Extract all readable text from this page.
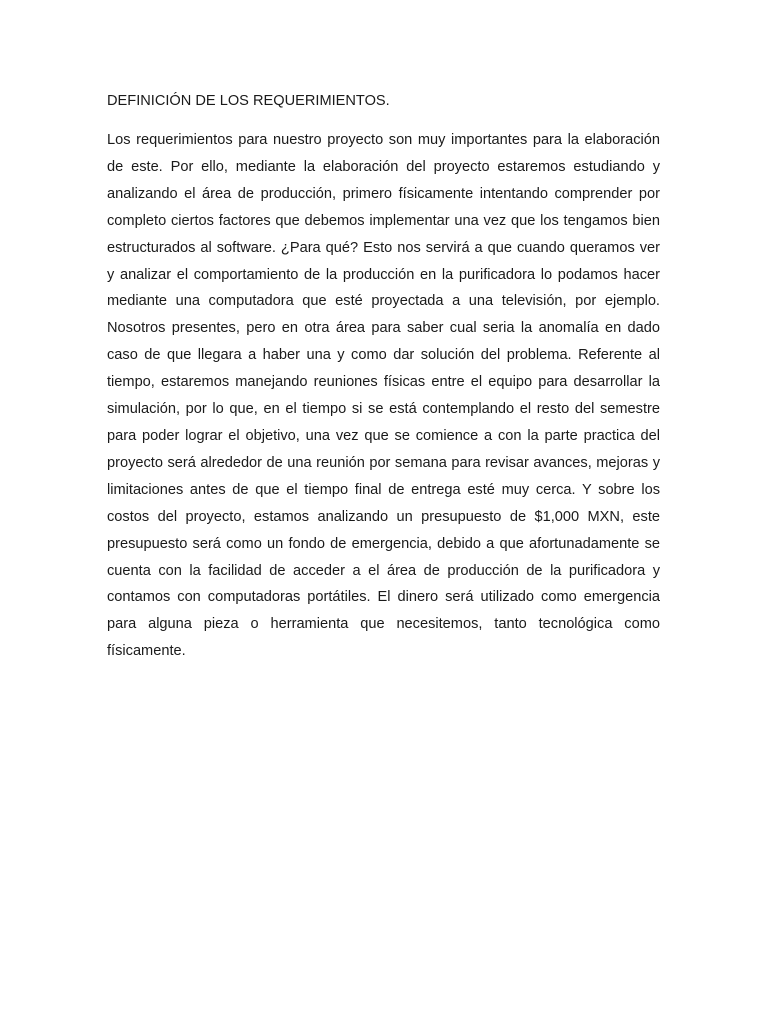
DEFINICIÓN DE LOS REQUERIMIENTOS.

Los requerimientos para nuestro proyecto son muy importantes para la elaboración de este. Por ello, mediante la elaboración del proyecto estaremos estudiando y analizando el área de producción, primero físicamente intentando comprender por completo ciertos factores que debemos implementar una vez que los tengamos bien estructurados al software. ¿Para qué? Esto nos servirá a que cuando queramos ver y analizar el comportamiento de la producción en la purificadora lo podamos hacer mediante una computadora que esté proyectada a una televisión, por ejemplo. Nosotros presentes, pero en otra área para saber cual seria la anomalía en dado caso de que llegara a haber una y como dar solución del problema. Referente al tiempo, estaremos manejando reuniones físicas entre el equipo para desarrollar la simulación, por lo que, en el tiempo si se está contemplando el resto del semestre para poder lograr el objetivo, una vez que se comience a con la parte practica del proyecto será alrededor de una reunión por semana para revisar avances, mejoras y limitaciones antes de que el tiempo final de entrega esté muy cerca. Y sobre los costos del proyecto, estamos analizando un presupuesto de $1,000 MXN, este presupuesto será como un fondo de emergencia, debido a que afortunadamente se cuenta con la facilidad de acceder a el área de producción de la purificadora y contamos con computadoras portátiles. El dinero será utilizado como emergencia para alguna pieza o herramienta que necesitemos, tanto tecnológica como físicamente.
